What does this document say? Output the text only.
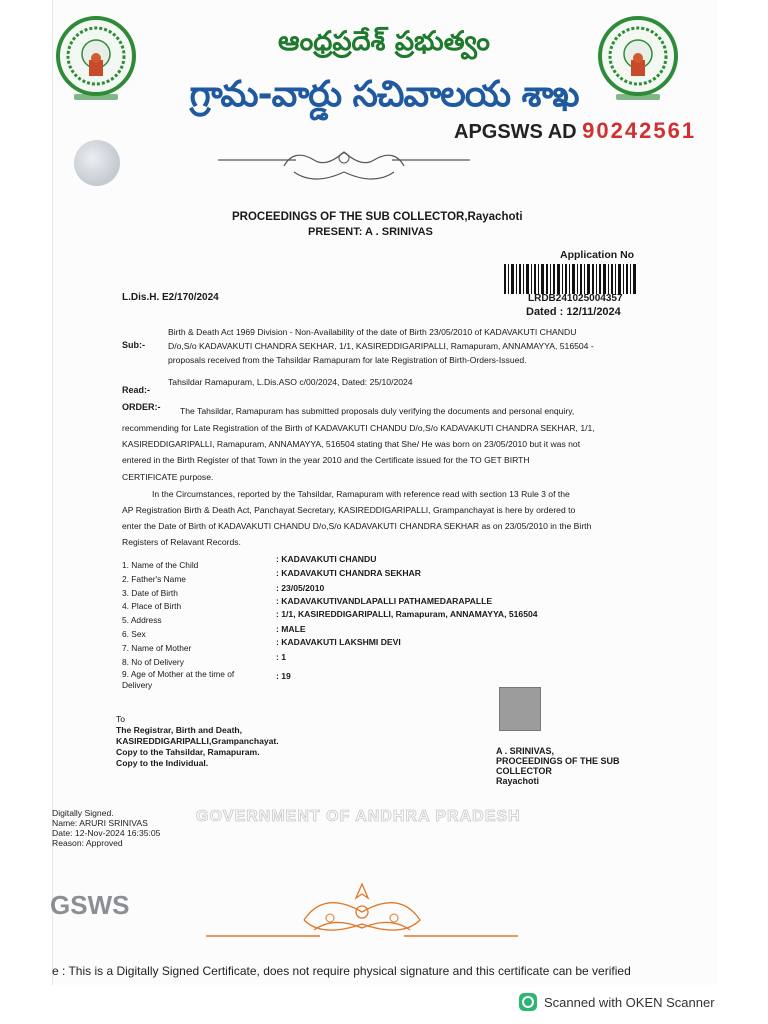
ఆంధ్రప్రదేశ్ ప్రభుత్వం
గ్రామ-వార్డు సచివాలయ శాఖ
APGSWS AD 90242561
PROCEEDINGS OF THE SUB COLLECTOR,Rayachoti
PRESENT: A . SRINIVAS
Application No
LRDB241025004357
Dated : 12/11/2024
L.Dis.H. E2/170/2024
Sub:-
Birth & Death Act 1969 Division - Non-Availability of the date of Birth 23/05/2010 of KADAVAKUTI CHANDU
D/o,S/o KADAVAKUTI CHANDRA SEKHAR, 1/1, KASIREDDIGARIPALLI, Ramapuram, ANNAMAYYA, 516504 -
proposals received from the Tahsildar Ramapuram for late Registration of Birth-Orders-Issued.
Read:-
Tahsildar Ramapuram, L.Dis.ASO c/00/2024, Dated: 25/10/2024
ORDER:- The Tahsildar, Ramapuram has submitted proposals duly verifying the documents and personal enquiry,
recommending for Late Registration of the Birth of KADAVAKUTI CHANDU D/o,S/o KADAVAKUTI CHANDRA SEKHAR, 1/1,
KASIREDDIGARIPALLI, Ramapuram, ANNAMAYYA, 516504 stating that She/ He was born on 23/05/2010 but it was not
entered in the Birth Register of that Town in the year 2010 and the Certificate issued for the TO GET BIRTH
CERTIFICATE purpose.
In the Circumstances, reported by the Tahsildar, Ramapuram with reference read with section 13 Rule 3 of the
AP Registration Birth & Death Act, Panchayat Secretary, KASIREDDIGARIPALLI, Grampanchayat is here by ordered to
enter the Date of Birth of KADAVAKUTI CHANDU D/o,S/o KADAVAKUTI CHANDRA SEKHAR as on 23/05/2010 in the Birth
Registers of Relavant Records.
1. Name of the Child
: KADAVAKUTI CHANDU
2. Father's Name
: KADAVAKUTI CHANDRA SEKHAR
3. Date of Birth	: 23/05/2010
4. Place of Birth	: KADAVAKUTIVANDLAPALLI PATHAMEDARAPALLE
5. Address
: 1/1, KASIREDDIGARIPALLI, Ramapuram, ANNAMAYYA, 516504
6. Sex	: MALE
7. Name of Mother
: KADAVAKUTI LAKSHMI DEVI
8. No of Delivery	: 1
9. Age of Mother at the time of
Delivery
: 19
To
The Registrar, Birth and Death,
KASIREDDIGARIPALLI,Grampanchayat.
Copy to the Tahsildar, Ramapuram.
Copy to the Individual.
A . SRINIVAS,
PROCEEDINGS OF THE SUB
COLLECTOR
Rayachoti
Digitally Signed.
Name: ARURI SRINIVAS
Date: 12-Nov-2024 16:35:05
Reason: Approved
GOVERNMENT OF ANDHRA PRADESH
GSWS
e : This is a Digitally Signed Certificate, does not require physical signature and this certificate can be verified
Scanned with OKEN Scanner
